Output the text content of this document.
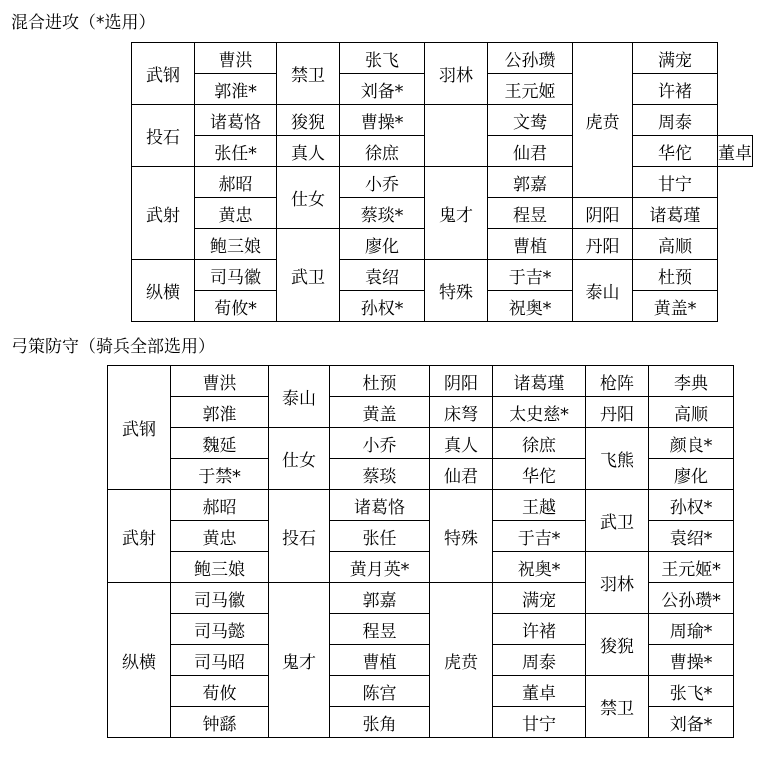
混合进攻（*选用）
武钢	曹洪	禁卫	张飞	羽林	公孙瓒	虎贲	满宠	
	郭淮*		刘备*		王元姬		许褚	
投石	诸葛恪	狻猊	曹操*		文鸯		周泰	
	张任*	真人	徐庶		仙君		华佗	董卓
武射	郝昭	仕女	小乔	鬼才	郭嘉		甘宁	
	黄忠		蔡琰*		程昱	阴阳	诸葛瑾	
	鲍三娘	武卫	廖化		曹植	丹阳	高顺	
纵横	司马徽		袁绍	特殊	于吉*	泰山	杜预	
	荀攸*		孙权*		祝奥*		黄盖*	
弓策防守（骑兵全部选用）
武钢	曹洪	泰山	杜预	阴阳	诸葛瑾	枪阵	李典
	郭淮		黄盖	床弩	太史慈*	丹阳	高顺
	魏延	仕女	小乔	真人	徐庶	飞熊	颜良*
	于禁*		蔡琰	仙君	华佗		廖化
武射	郝昭	投石	诸葛恪	特殊	王越	武卫	孙权*
	黄忠		张任		于吉*		袁绍*
	鲍三娘		黄月英*		祝奥*	羽林	王元姬*
纵横	司马徽	鬼才	郭嘉	虎贲	满宠		公孙瓒*
	司马懿		程昱		许褚	狻猊	周瑜*
	司马昭		曹植		周泰		曹操*
	荀攸		陈宫		董卓	禁卫	张飞*
	钟繇		张角		甘宁		刘备*
